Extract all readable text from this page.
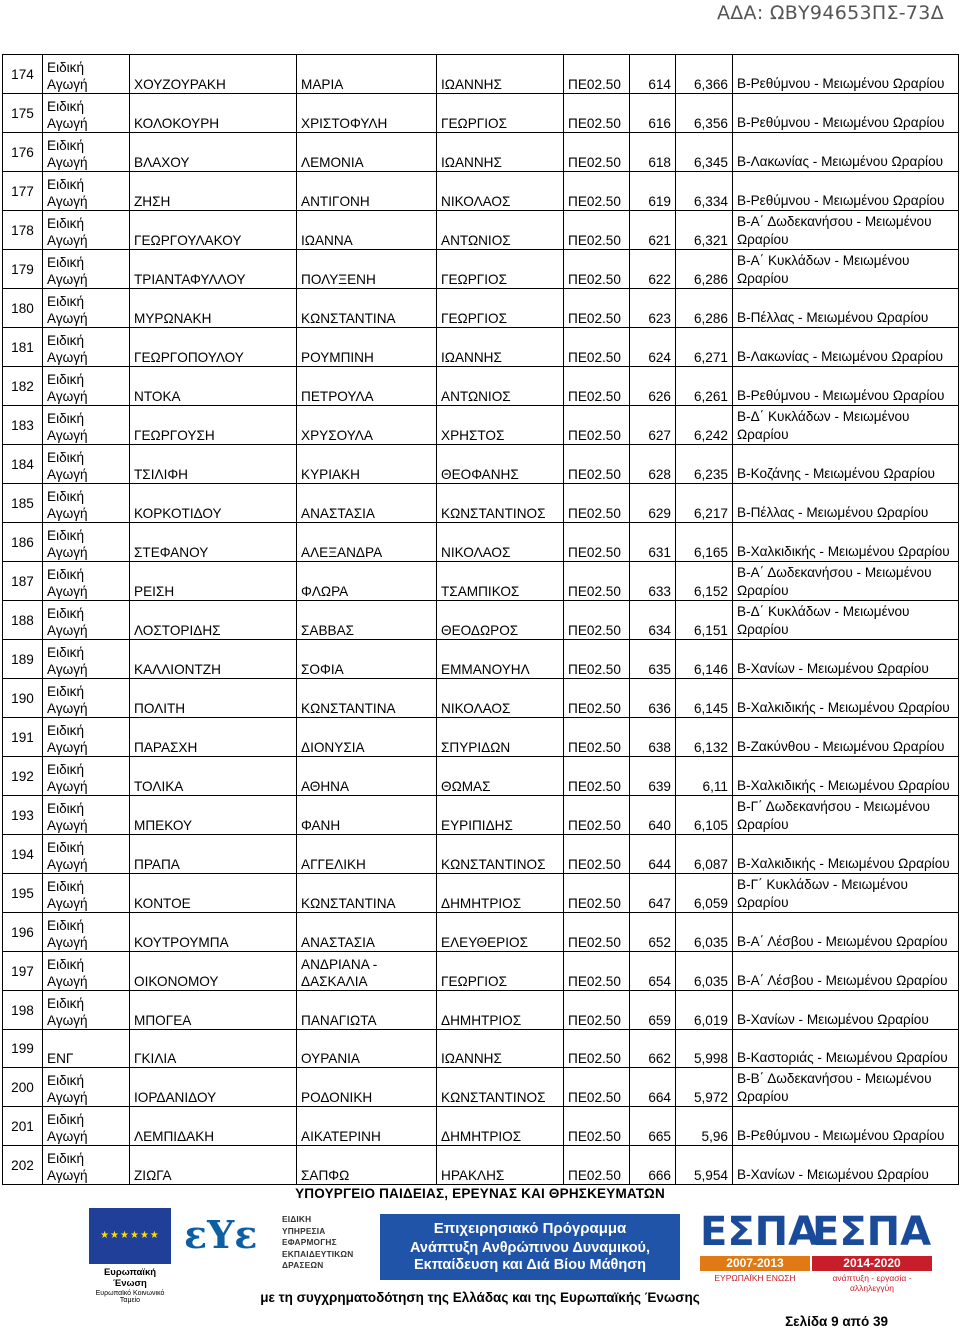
ΑΔΑ: ΩΒΥ94653ΠΣ-73Δ
174	Ειδική Αγωγή	ΧΟΥΖΟΥΡΑΚΗ	ΜΑΡΙΑ	ΙΩΑΝΝΗΣ	ΠΕ02.50	614	6,366	Β-Ρεθύμνου - Μειωμένου Ωραρίου
175	Ειδική Αγωγή	ΚΟΛΟΚΟΥΡΗ	ΧΡΙΣΤΟΦΥΛΗ	ΓΕΩΡΓΙΟΣ	ΠΕ02.50	616	6,356	Β-Ρεθύμνου - Μειωμένου Ωραρίου
176	Ειδική Αγωγή	ΒΛΑΧΟΥ	ΛΕΜΟΝΙΑ	ΙΩΑΝΝΗΣ	ΠΕ02.50	618	6,345	Β-Λακωνίας - Μειωμένου Ωραρίου
177	Ειδική Αγωγή	ΖΗΣΗ	ΑΝΤΙΓΟΝΗ	ΝΙΚΟΛΑΟΣ	ΠΕ02.50	619	6,334	Β-Ρεθύμνου - Μειωμένου Ωραρίου
178	Ειδική Αγωγή	ΓΕΩΡΓΟΥΛΑΚΟΥ	ΙΩΑΝΝΑ	ΑΝΤΩΝΙΟΣ	ΠΕ02.50	621	6,321	Β-Α΄ Δωδεκανήσου - Μειωμένου Ωραρίου
179	Ειδική Αγωγή	ΤΡΙΑΝΤΑΦΥΛΛΟΥ	ΠΟΛΥΞΕΝΗ	ΓΕΩΡΓΙΟΣ	ΠΕ02.50	622	6,286	Β-Α΄ Κυκλάδων - Μειωμένου Ωραρίου
180	Ειδική Αγωγή	ΜΥΡΩΝΑΚΗ	ΚΩΝΣΤΑΝΤΙΝΑ	ΓΕΩΡΓΙΟΣ	ΠΕ02.50	623	6,286	Β-Πέλλας - Μειωμένου Ωραρίου
181	Ειδική Αγωγή	ΓΕΩΡΓΟΠΟΥΛΟΥ	ΡΟΥΜΠΙΝΗ	ΙΩΑΝΝΗΣ	ΠΕ02.50	624	6,271	Β-Λακωνίας - Μειωμένου Ωραρίου
182	Ειδική Αγωγή	ΝΤΟΚΑ	ΠΕΤΡΟΥΛΑ	ΑΝΤΩΝΙΟΣ	ΠΕ02.50	626	6,261	Β-Ρεθύμνου - Μειωμένου Ωραρίου
183	Ειδική Αγωγή	ΓΕΩΡΓΟΥΣΗ	ΧΡΥΣΟΥΛΑ	ΧΡΗΣΤΟΣ	ΠΕ02.50	627	6,242	Β-Δ΄ Κυκλάδων - Μειωμένου Ωραρίου
184	Ειδική Αγωγή	ΤΣΙΛΙΦΗ	ΚΥΡΙΑΚΗ	ΘΕΟΦΑΝΗΣ	ΠΕ02.50	628	6,235	Β-Κοζάνης - Μειωμένου Ωραρίου
185	Ειδική Αγωγή	ΚΟΡΚΟΤΙΔΟΥ	ΑΝΑΣΤΑΣΙΑ	ΚΩΝΣΤΑΝΤΙΝΟΣ	ΠΕ02.50	629	6,217	Β-Πέλλας - Μειωμένου Ωραρίου
186	Ειδική Αγωγή	ΣΤΕΦΑΝΟΥ	ΑΛΕΞΑΝΔΡΑ	ΝΙΚΟΛΑΟΣ	ΠΕ02.50	631	6,165	Β-Χαλκιδικής - Μειωμένου Ωραρίου
187	Ειδική Αγωγή	ΡΕΙΣΗ	ΦΛΩΡΑ	ΤΣΑΜΠΙΚΟΣ	ΠΕ02.50	633	6,152	Β-Α΄ Δωδεκανήσου - Μειωμένου Ωραρίου
188	Ειδική Αγωγή	ΛΟΣΤΟΡΙΔΗΣ	ΣΑΒΒΑΣ	ΘΕΟΔΩΡΟΣ	ΠΕ02.50	634	6,151	Β-Δ΄ Κυκλάδων - Μειωμένου Ωραρίου
189	Ειδική Αγωγή	ΚΑΛΛΙΟΝΤΖΗ	ΣΟΦΙΑ	ΕΜΜΑΝΟΥΗΛ	ΠΕ02.50	635	6,146	Β-Χανίων - Μειωμένου Ωραρίου
190	Ειδική Αγωγή	ΠΟΛΙΤΗ	ΚΩΝΣΤΑΝΤΙΝΑ	ΝΙΚΟΛΑΟΣ	ΠΕ02.50	636	6,145	Β-Χαλκιδικής - Μειωμένου Ωραρίου
191	Ειδική Αγωγή	ΠΑΡΑΣΧΗ	ΔΙΟΝΥΣΙΑ	ΣΠΥΡΙΔΩΝ	ΠΕ02.50	638	6,132	Β-Ζακύνθου - Μειωμένου Ωραρίου
192	Ειδική Αγωγή	ΤΟΛΙΚΑ	ΑΘΗΝΑ	ΘΩΜΑΣ	ΠΕ02.50	639	6,11	Β-Χαλκιδικής - Μειωμένου Ωραρίου
193	Ειδική Αγωγή	ΜΠΕΚΟΥ	ΦΑΝΗ	ΕΥΡΙΠΙΔΗΣ	ΠΕ02.50	640	6,105	Β-Γ΄ Δωδεκανήσου - Μειωμένου Ωραρίου
194	Ειδική Αγωγή	ΠΡΑΠΑ	ΑΓΓΕΛΙΚΗ	ΚΩΝΣΤΑΝΤΙΝΟΣ	ΠΕ02.50	644	6,087	Β-Χαλκιδικής - Μειωμένου Ωραρίου
195	Ειδική Αγωγή	ΚΟΝΤΟΕ	ΚΩΝΣΤΑΝΤΙΝΑ	ΔΗΜΗΤΡΙΟΣ	ΠΕ02.50	647	6,059	Β-Γ΄ Κυκλάδων - Μειωμένου Ωραρίου
196	Ειδική Αγωγή	ΚΟΥΤΡΟΥΜΠΑ	ΑΝΑΣΤΑΣΙΑ	ΕΛΕΥΘΕΡΙΟΣ	ΠΕ02.50	652	6,035	Β-Α΄ Λέσβου - Μειωμένου Ωραρίου
197	Ειδική Αγωγή	ΟΙΚΟΝΟΜΟΥ	ΑΝΔΡΙΑΝΑ - ΔΑΣΚΑΛΙΑ	ΓΕΩΡΓΙΟΣ	ΠΕ02.50	654	6,035	Β-Α΄ Λέσβου - Μειωμένου Ωραρίου
198	Ειδική Αγωγή	ΜΠΟΓΕΑ	ΠΑΝΑΓΙΩΤΑ	ΔΗΜΗΤΡΙΟΣ	ΠΕ02.50	659	6,019	Β-Χανίων - Μειωμένου Ωραρίου
199	ΕΝΓ	ΓΚΙΛΙΑ	ΟΥΡΑΝΙΑ	ΙΩΑΝΝΗΣ	ΠΕ02.50	662	5,998	Β-Καστοριάς - Μειωμένου Ωραρίου
200	Ειδική Αγωγή	ΙΟΡΔΑΝΙΔΟΥ	ΡΟΔΟΝΙΚΗ	ΚΩΝΣΤΑΝΤΙΝΟΣ	ΠΕ02.50	664	5,972	Β-Β΄ Δωδεκανήσου - Μειωμένου Ωραρίου
201	Ειδική Αγωγή	ΛΕΜΠΙΔΑΚΗ	ΑΙΚΑΤΕΡΙΝΗ	ΔΗΜΗΤΡΙΟΣ	ΠΕ02.50	665	5,96	Β-Ρεθύμνου - Μειωμένου Ωραρίου
202	Ειδική Αγωγή	ΖΙΩΓΑ	ΣΑΠΦΩ	ΗΡΑΚΛΗΣ	ΠΕ02.50	666	5,954	Β-Χανίων - Μειωμένου Ωραρίου
ΥΠΟΥΡΓΕΙΟ ΠΑΙΔΕΙΑΣ, ΕΡΕΥΝΑΣ ΚΑΙ ΘΡΗΣΚΕΥΜΑΤΩΝ
★★★★★★
Ευρωπαϊκή Ένωση
Ευρωπαϊκό Κοινωνικό Ταμείο
εΥε	ΕΙΔΙΚΗ
ΥΠΗΡΕΣΙΑ
ΕΦΑΡΜΟΓΗΣ
ΕΚΠΑΙΔΕΥΤΙΚΩΝ
ΔΡΑΣΕΩΝ
Επιχειρησιακό Πρόγραμμα
Ανάπτυξη Ανθρώπινου Δυναμικού,
Εκπαίδευση και Διά Βίου Μάθηση
ΕΣΠΑ
2007-2013
ΕΥΡΩΠΑΪΚΗ ΕΝΩΣΗ
ΕΣΠΑ
2014-2020
ανάπτυξη - εργασία - αλληλεγγύη
με τη συγχρηματοδότηση της Ελλάδας και της Ευρωπαϊκής Ένωσης
Σελίδα 9 από 39
